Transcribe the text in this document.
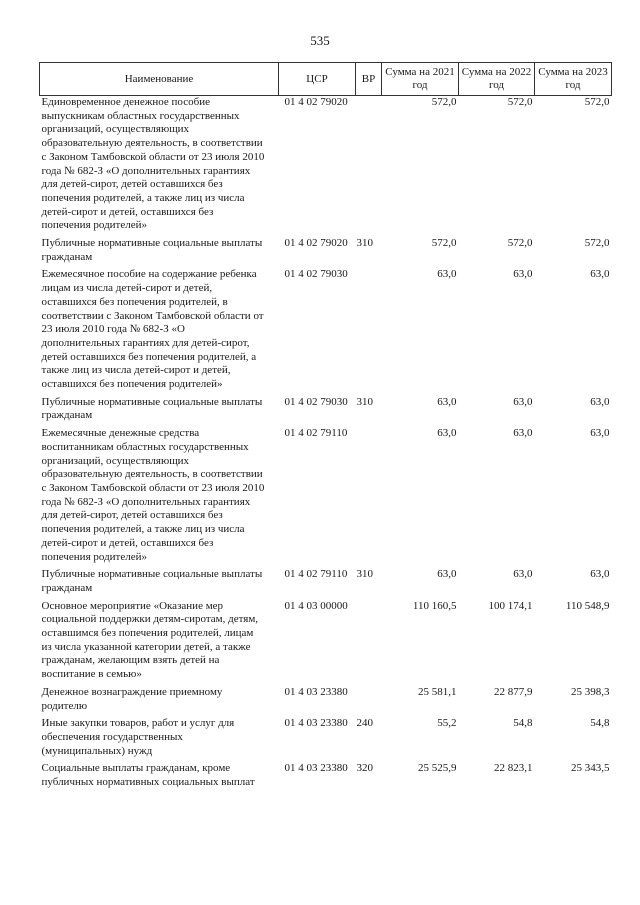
535
Наименование	ЦСР	ВР	Сумма на 2021 год	Сумма на 2022 год	Сумма на 2023 год
Единовременное денежное пособие выпускникам областных государственных организаций, осуществляющих образовательную деятельность, в соответствии с Законом Тамбовской области от 23 июля 2010 года № 682-З «О дополнительных гарантиях для детей-сирот, детей оставшихся без попечения родителей, а также лиц из числа детей-сирот и детей, оставшихся без попечения родителей»	01 4 02 79020		572,0	572,0	572,0
Публичные нормативные социальные выплаты гражданам	01 4 02 79020	310	572,0	572,0	572,0
Ежемесячное пособие на содержание ребенка лицам из числа детей-сирот и детей, оставшихся без попечения родителей, в соответствии с Законом Тамбовской области от 23 июля 2010 года № 682-З «О дополнительных гарантиях для детей-сирот, детей оставшихся без попечения родителей, а также лиц из числа детей-сирот и детей, оставшихся без попечения родителей»	01 4 02 79030		63,0	63,0	63,0
Публичные нормативные социальные выплаты гражданам	01 4 02 79030	310	63,0	63,0	63,0
Ежемесячные денежные средства воспитанникам областных государственных организаций, осуществляющих образовательную деятельность, в соответствии с Законом Тамбовской области от 23 июля 2010 года № 682-З «О дополнительных гарантиях для детей-сирот, детей оставшихся без попечения родителей, а также лиц из числа детей-сирот и детей, оставшихся без попечения родителей»	01 4 02 79110		63,0	63,0	63,0
Публичные нормативные социальные выплаты гражданам	01 4 02 79110	310	63,0	63,0	63,0
Основное мероприятие «Оказание мер социальной поддержки детям-сиротам, детям, оставшимся без попечения родителей, лицам из числа указанной категории детей, а также гражданам, желающим взять детей на воспитание в семью»	01 4 03 00000		110 160,5	100 174,1	110 548,9
Денежное вознаграждение приемному родителю	01 4 03 23380		25 581,1	22 877,9	25 398,3
Иные закупки товаров, работ и услуг для обеспечения государственных (муниципальных) нужд	01 4 03 23380	240	55,2	54,8	54,8
Социальные выплаты гражданам, кроме публичных нормативных социальных выплат	01 4 03 23380	320	25 525,9	22 823,1	25 343,5
